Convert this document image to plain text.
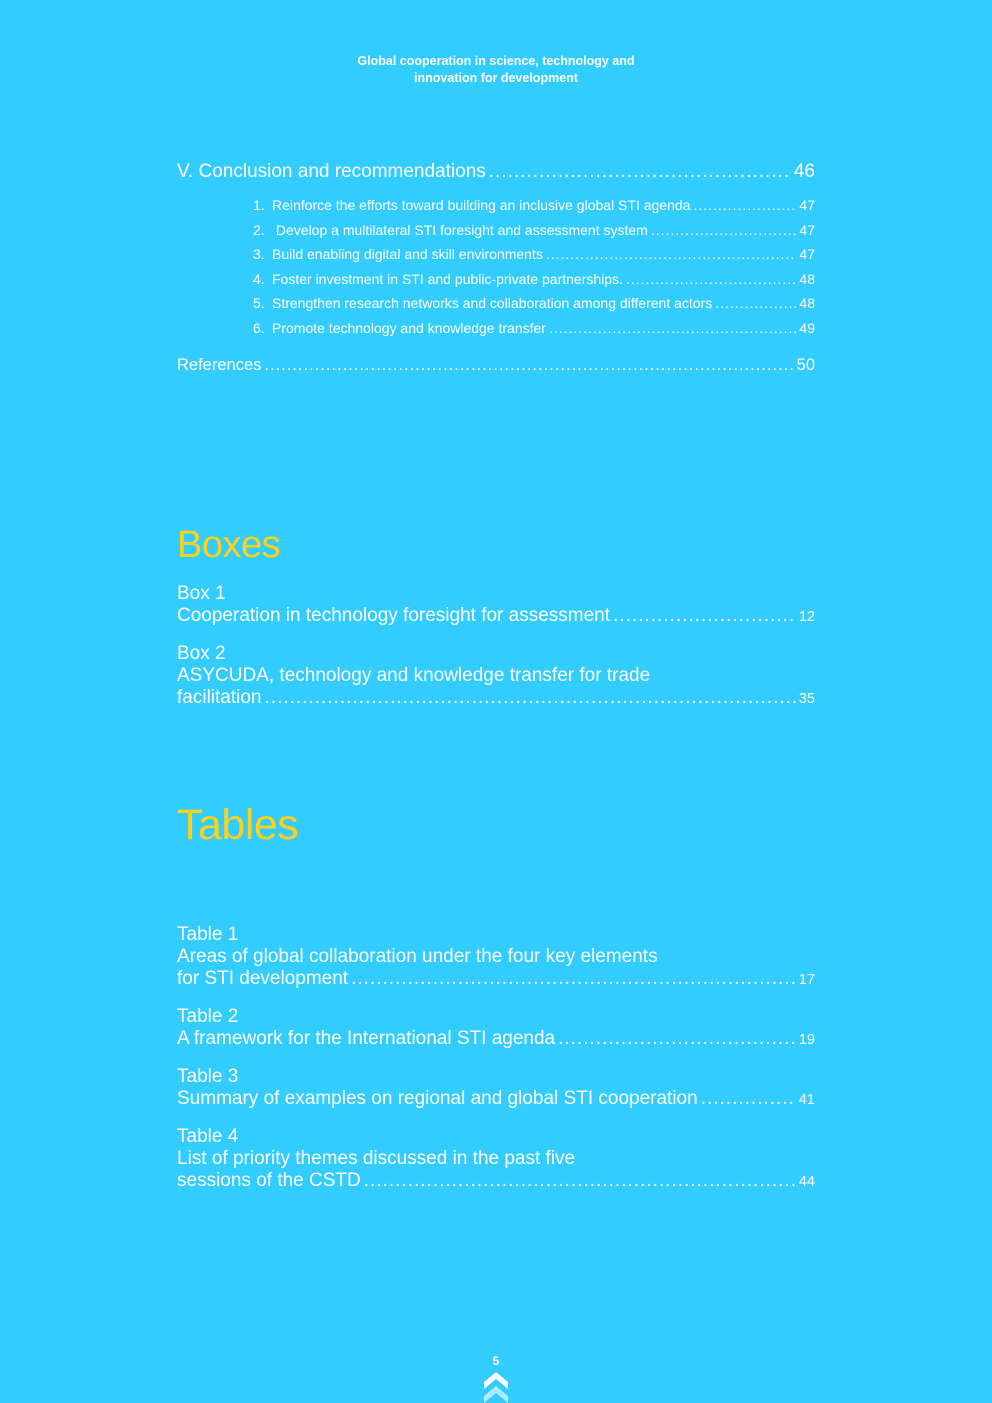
Global cooperation in science, technology and
innovation for development
V. Conclusion and recommendations .....	46
1. Reinforce the efforts toward building an inclusive global STI agenda .....	47
2. Develop a multilateral STI foresight and assessment system .....	47
3. Build enabling digital and skill environments .....	47
4. Foster investment in STI and public-private partnerships. .....	48
5. Strengthen research networks and collaboration among different actors .....	48
6. Promote technology and knowledge transfer .....	49
References .....	50
Boxes
Box 1
Cooperation in technology foresight for assessment .....	12
Box 2
ASYCUDA, technology and knowledge transfer for trade
facilitation .....	35
Tables
Table 1
Areas of global collaboration under the four key elements
for STI development .....	17
Table 2
A framework for the International STI agenda .....	19
Table 3
Summary of examples on regional and global STI cooperation .....	41
Table 4
List of priority themes discussed in the past five
sessions of the CSTD .....	44
5
